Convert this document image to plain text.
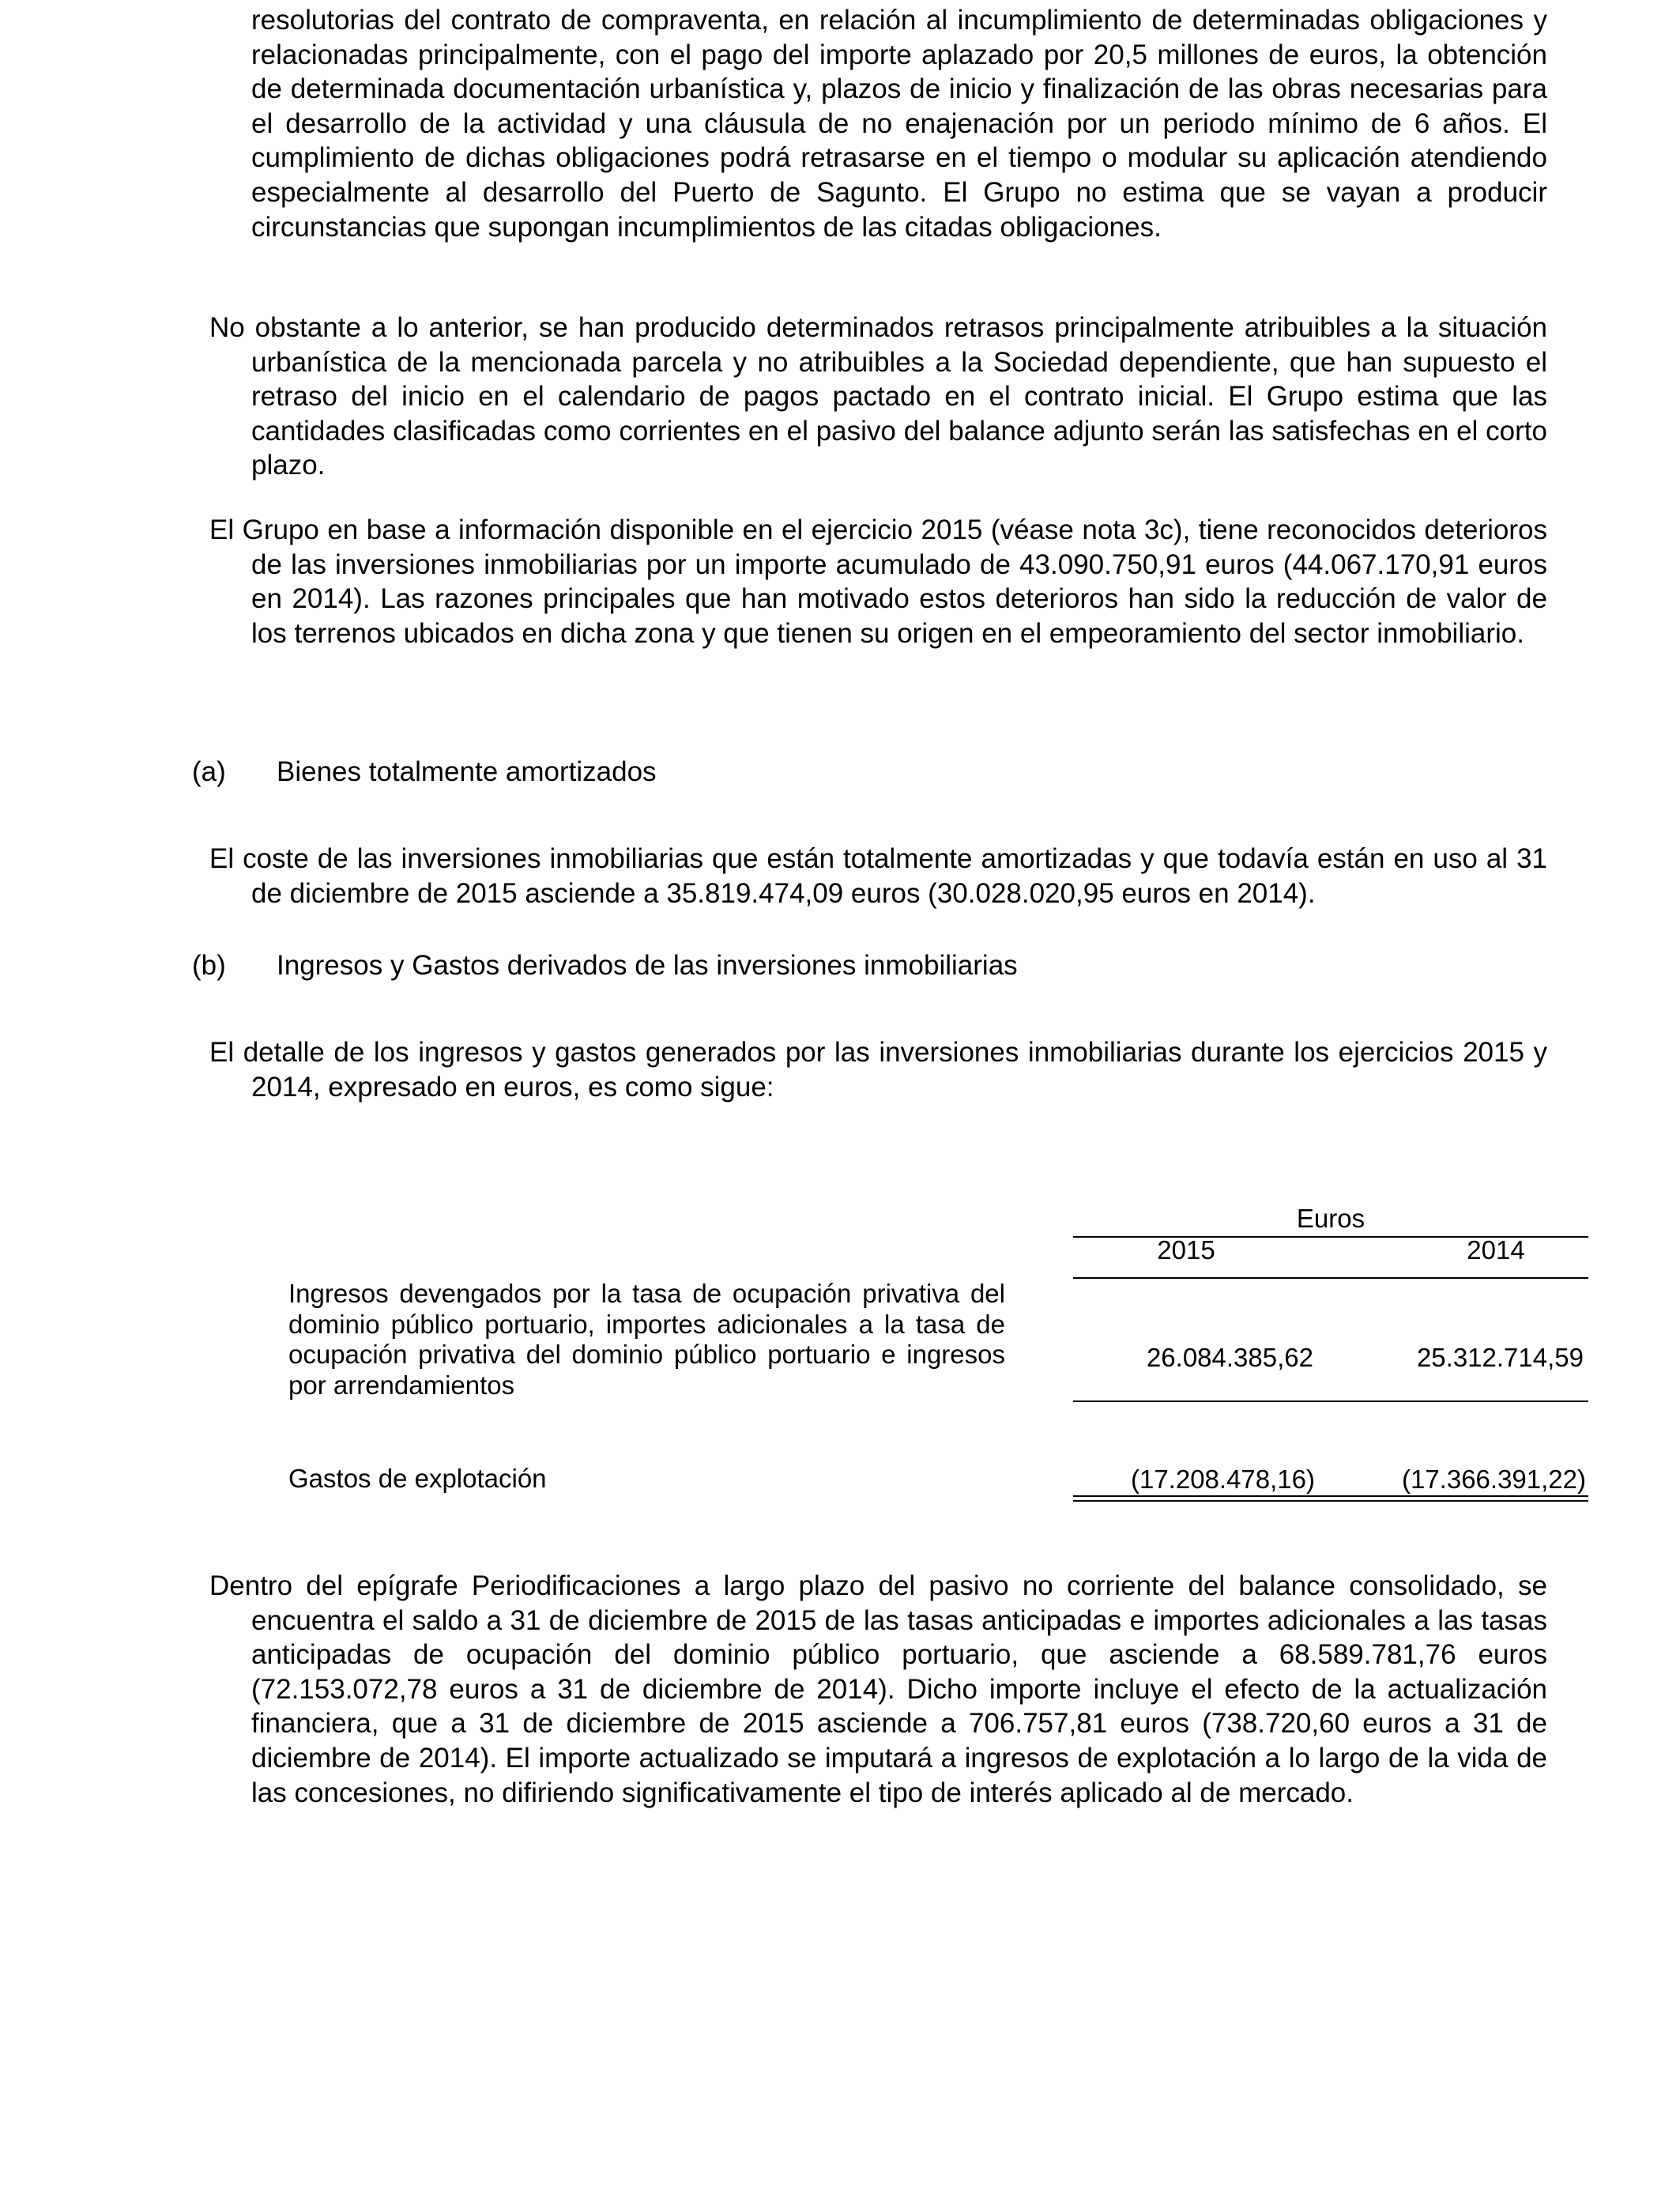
resolutorias del contrato de compraventa, en relación al incumplimiento de determinadas obligaciones y relacionadas principalmente, con el pago del importe aplazado por 20,5 millones de euros, la obtención de determinada documentación urbanística y, plazos de inicio y finalización de las obras necesarias para el desarrollo de la actividad y una cláusula de no enajenación por un periodo mínimo de 6 años. El cumplimiento de dichas obligaciones podrá retrasarse en el tiempo o modular su aplicación atendiendo especialmente al desarrollo del Puerto de Sagunto. El Grupo no estima que se vayan a producir circunstancias que supongan incumplimientos de las citadas obligaciones.

No obstante a lo anterior, se han producido determinados retrasos principalmente atribuibles a la situación urbanística de la mencionada parcela y no atribuibles a la Sociedad dependiente, que han supuesto el retraso del inicio en el calendario de pagos pactado en el contrato inicial. El Grupo estima que las cantidades clasificadas como corrientes en el pasivo del balance adjunto serán las satisfechas en el corto plazo.

El Grupo en base a información disponible en el ejercicio 2015 (véase nota 3c), tiene reconocidos deterioros de las inversiones inmobiliarias por un importe acumulado de 43.090.750,91 euros (44.067.170,91 euros en 2014). Las razones principales que han motivado estos deterioros han sido la reducción de valor de los terrenos ubicados en dicha zona y que tienen su origen en el empeoramiento del sector inmobiliario.

(a) Bienes totalmente amortizados

El coste de las inversiones inmobiliarias que están totalmente amortizadas y que todavía están en uso al 31 de diciembre de 2015 asciende a 35.819.474,09 euros (30.028.020,95 euros en 2014).

(b) Ingresos y Gastos derivados de las inversiones inmobiliarias

El detalle de los ingresos y gastos generados por las inversiones inmobiliarias durante los ejercicios 2015 y 2014, expresado en euros, es como sigue:

Euros
2015	2014

Ingresos devengados por la tasa de ocupación privativa del dominio público portuario, importes adicionales a la tasa de ocupación privativa del dominio público portuario e ingresos por arrendamientos

26.084.385,62	25.312.714,59

Gastos de explotación	(17.208.478,16)	(17.366.391,22)

Dentro del epígrafe Periodificaciones a largo plazo del pasivo no corriente del balance consolidado, se encuentra el saldo a 31 de diciembre de 2015 de las tasas anticipadas e importes adicionales a las tasas anticipadas de ocupación del dominio público portuario, que asciende a 68.589.781,76 euros (72.153.072,78 euros a 31 de diciembre de 2014). Dicho importe incluye el efecto de la actualización financiera, que a 31 de diciembre de 2015 asciende a 706.757,81 euros (738.720,60 euros a 31 de diciembre de 2014). El importe actualizado se imputará a ingresos de explotación a lo largo de la vida de las concesiones, no difiriendo significativamente el tipo de interés aplicado al de mercado.
